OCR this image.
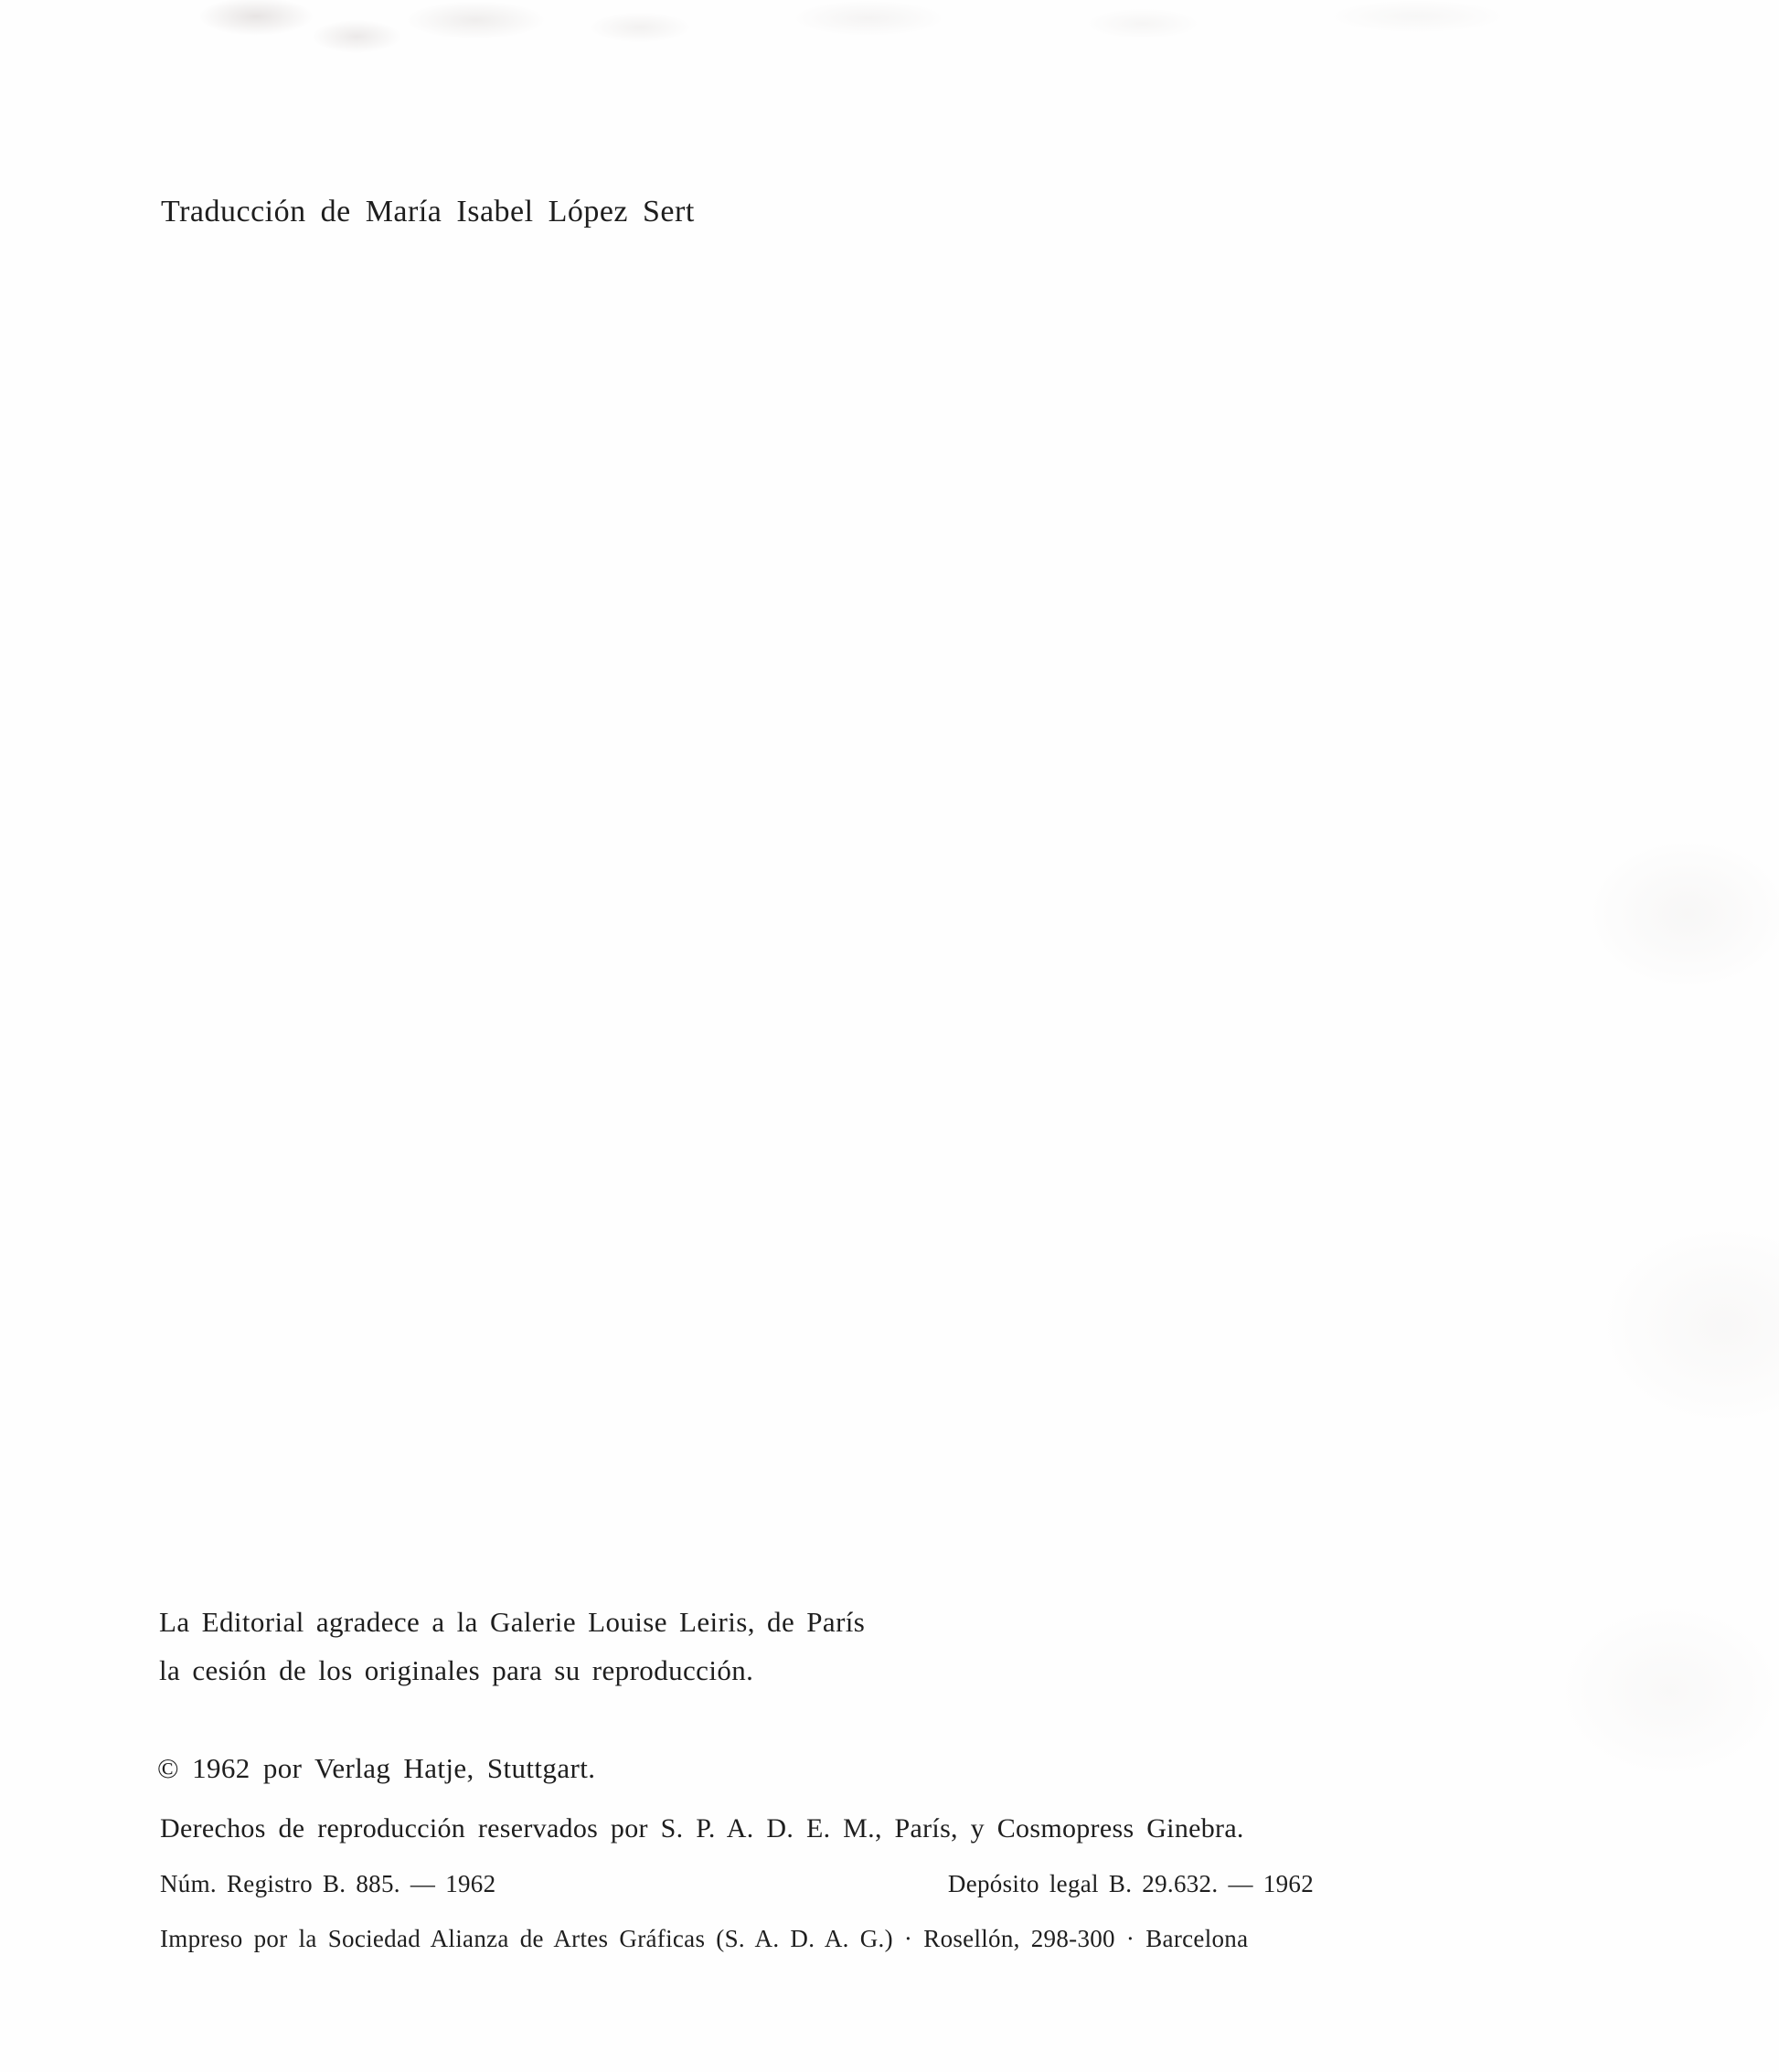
Traducción de María Isabel López Sert
La Editorial agradece a la Galerie Louise Leiris, de París
la cesión de los originales para su reproducción.
© 1962 por Verlag Hatje, Stuttgart.
Derechos de reproducción reservados por S. P. A. D. E. M., París, y Cosmopress Ginebra.
Núm. Registro B. 885. — 1962	Depósito legal B. 29.632. — 1962
Impreso por la Sociedad Alianza de Artes Gráficas (S. A. D. A. G.) · Rosellón, 298-300 · Barcelona
